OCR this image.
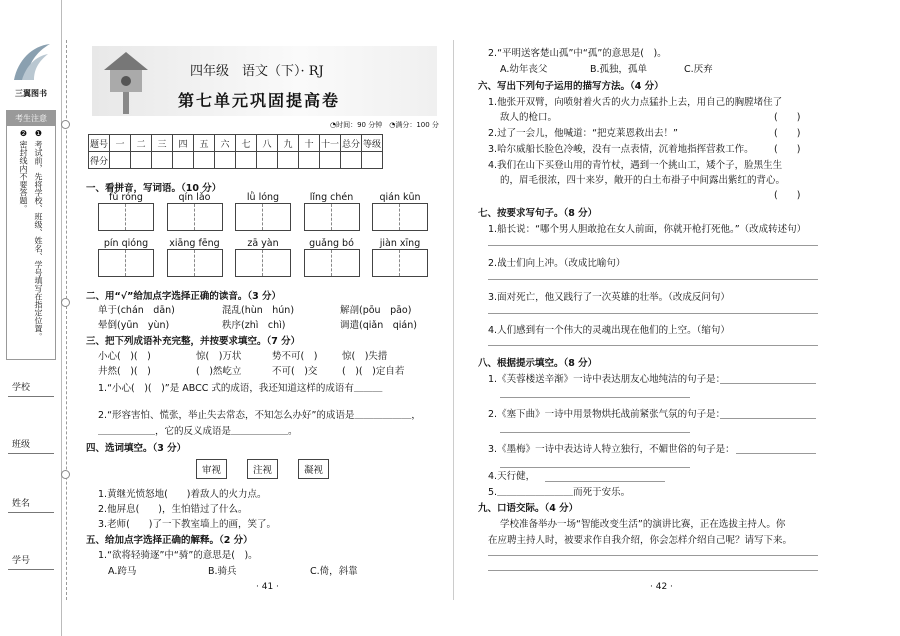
三翼图书
考生注意
❶ 考试前，先将学校、班级、姓名、学号填写在指定位置。
❷ 密封线内不要答题。
学校
班级
姓名
学号
四年级　语文（下）· RJ
第七单元巩固提高卷
◔时间：90 分钟　◔满分：100 分
题号	一	二	三	四	五	六	七	八	九	十	十一	总分	等级
得分													
一、看拼音，写词语。（10 分）
fǔ róng	qín lǎo	lǜ lóng	lǐng chén	qián kūn
pín qióng	xiāng fēng	zā yàn	guǎng bó	jiàn xīng
二、用“√”给加点字选择正确的读音。（3 分）
单于(chán　dān)	混乱(hùn　hún)	解剖(pōu　pāo)
晕倒(yūn　yùn)	秩序(zhì　chì)	调遣(qiǎn　qián)
三、把下列成语补充完整，并按要求填空。（7 分）
小心(　)(　)	惊(　)万状	势不可(　)	惊(　)失措
井然(　)(　)	(　)然屹立	不可(　)交	(　)(　)定自若
1.“小心(　)(　)”是 ABCC 式的成语，我还知道这样的成语有＿＿＿
2.“形容害怕、慌张，举止失去常态，不知怎么办好”的成语是＿＿＿＿＿＿，
＿＿＿＿＿＿，它的反义成语是＿＿＿＿＿＿。
四、选词填空。（3 分）
审视	注视	凝视
1.黄继光愤怒地(　　)着敌人的火力点。
2.他屏息(　　)，生怕错过了什么。
3.老师(　　)了一下教室墙上的画，笑了。
五、给加点字选择正确的解释。（2 分）
1.“欲将轻骑逐”中“骑”的意思是(　)。
A.跨马	B.骑兵	C.倚，斜靠
· 41 ·
2.“平明送客楚山孤”中“孤”的意思是(　)。
A.幼年丧父	B.孤独，孤单	C.厌弃
六、写出下列句子运用的描写方法。（4 分）
1.他张开双臂，向喷射着火舌的火力点猛扑上去，用自己的胸膛堵住了
敌人的枪口。	(　　)
2.过了一会儿，他喊道：“把克莱恩救出去！”	(　　)
3.哈尔威船长脸色冷峻，没有一点表情，沉着地指挥营救工作。 (　　)
4.我们在山下买登山用的青竹杖，遇到一个挑山工，矮个子，脸黑生生
的，眉毛很浓，四十来岁，敞开的白土布褂子中间露出紫红的背心。
(　　)
七、按要求写句子。（8 分）
1.船长说：“哪个男人胆敢抢在女人前面，你就开枪打死他。”（改成转述句）
2.战士们向上冲。（改成比喻句）
3.面对死亡，他又践行了一次英雄的壮举。（改成反问句）
4.人们感到有一个伟大的灵魂出现在他们的上空。（缩句）
八、根据提示填空。（8 分）
1.《芙蓉楼送辛渐》一诗中表达朋友心地纯洁的句子是：
2.《塞下曲》一诗中用景物烘托战前紧张气氛的句子是：
3.《墨梅》一诗中表达诗人特立独行，不媚世俗的句子是：
4.天行健，
5.＿＿＿＿＿＿＿＿而死于安乐。
九、口语交际。（4 分）
学校准备举办一场“智能改变生活”的演讲比赛，正在选拔主持人。你
在应聘主持人时，被要求作自我介绍，你会怎样介绍自己呢？请写下来。
· 42 ·
